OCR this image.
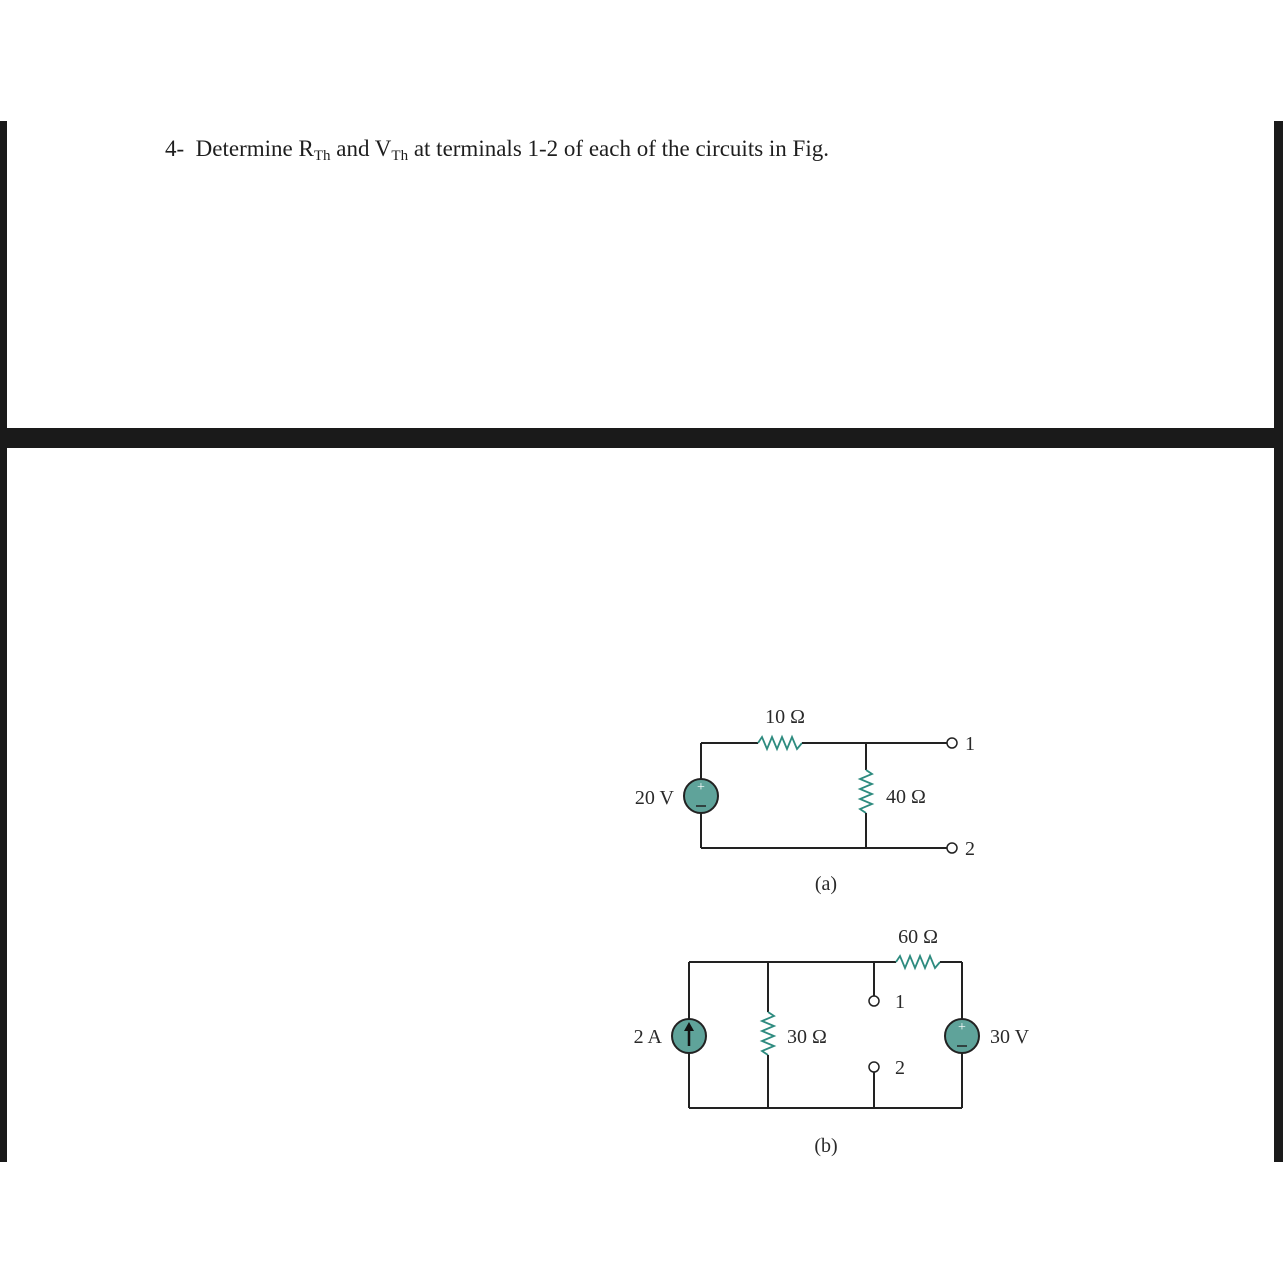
4- Determine RTh and VTh at terminals 1-2 of each of the circuits in Fig.
+
10 Ω
40 Ω
20 V
1
2
(a)
+
60 Ω
30 Ω
2 A	30 V
1
2
(b)
